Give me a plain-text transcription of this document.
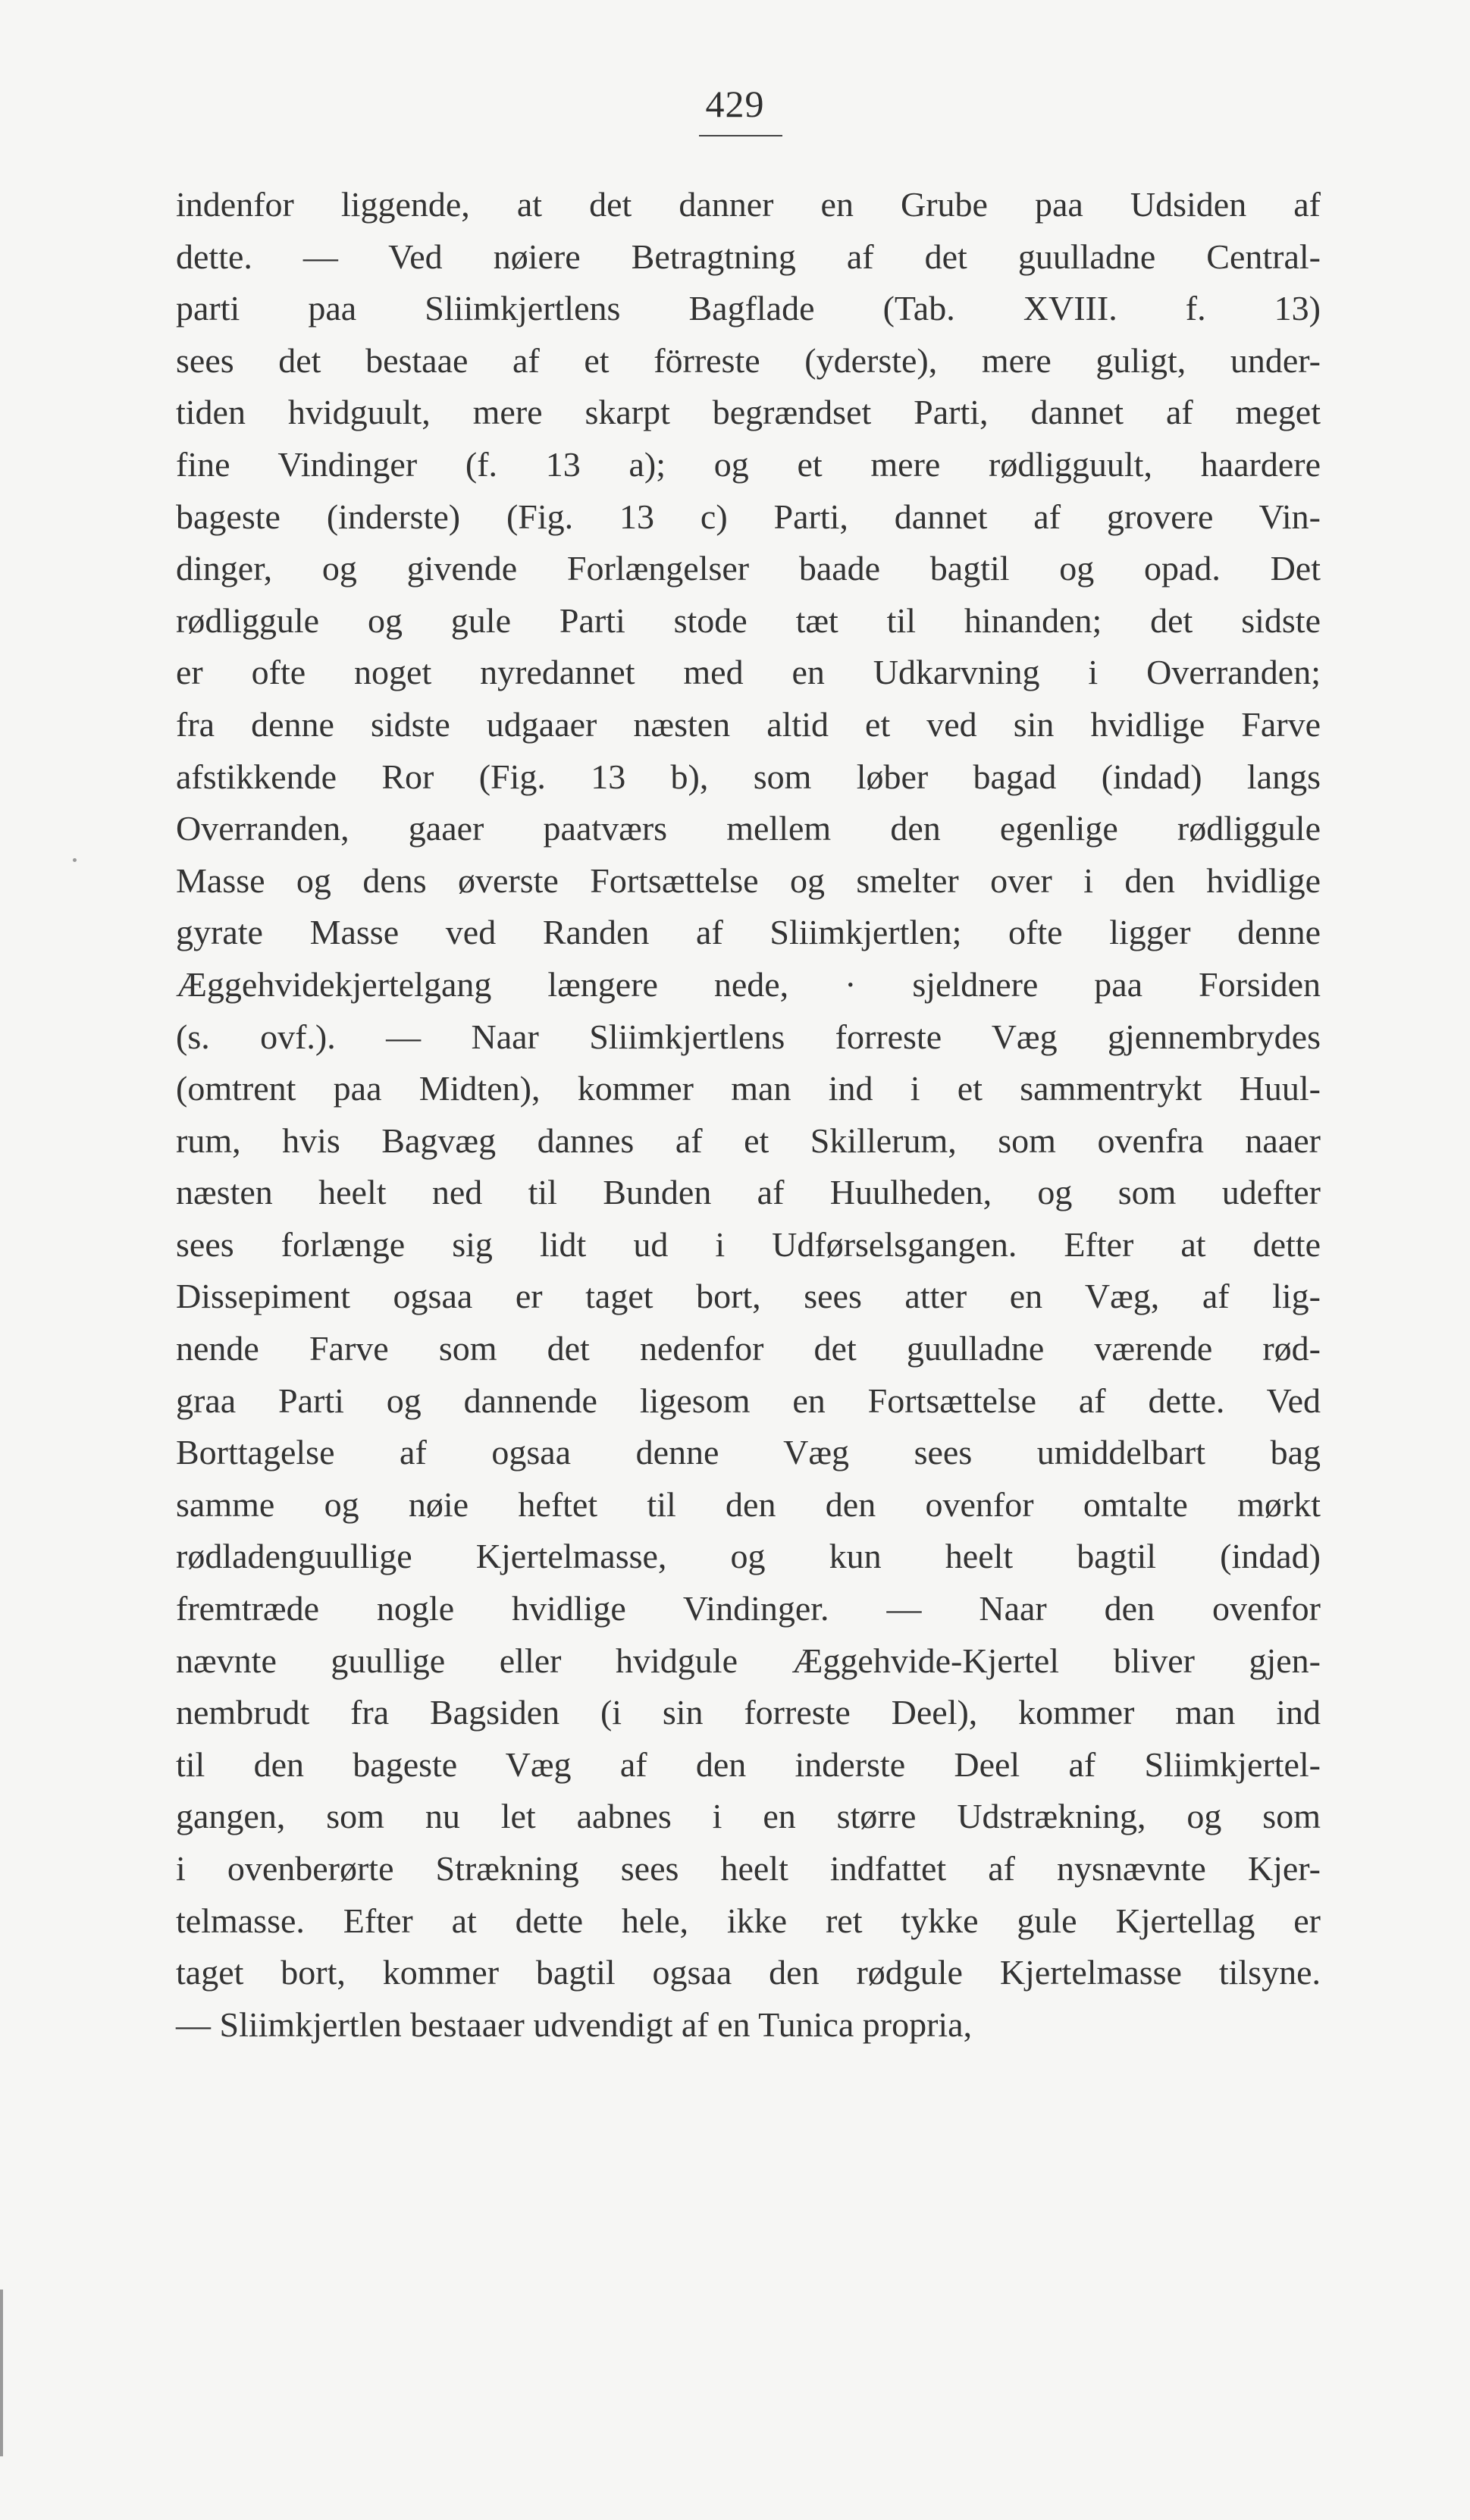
429
indenfor liggende, at det danner en Grube paa Udsiden af
dette. — Ved nøiere Betragtning af det guulladne Central-
parti paa Sliimkjertlens Bagflade (Tab. XVIII. f. 13)
sees det bestaae af et förreste (yderste), mere guligt, under-
tiden hvidguult, mere skarpt begrændset Parti, dannet af meget
fine Vindinger (f. 13 a); og et mere rødligguult, haardere
bageste (inderste) (Fig. 13 c) Parti, dannet af grovere Vin-
dinger, og givende Forlængelser baade bagtil og opad. Det
rødliggule og gule Parti stode tæt til hinanden; det sidste
er ofte noget nyredannet med en Udkarvning i Overranden;
fra denne sidste udgaaer næsten altid et ved sin hvidlige Farve
afstikkende Ror (Fig. 13 b), som løber bagad (indad) langs
Overranden, gaaer paatværs mellem den egenlige rødliggule
Masse og dens øverste Fortsættelse og smelter over i den hvidlige
gyrate Masse ved Randen af Sliimkjertlen; ofte ligger denne
Æggehvidekjertelgang længere nede, · sjeldnere paa Forsiden
(s. ovf.). — Naar Sliimkjertlens forreste Væg gjennembrydes
(omtrent paa Midten), kommer man ind i et sammentrykt Huul-
rum, hvis Bagvæg dannes af et Skillerum, som ovenfra naaer
næsten heelt ned til Bunden af Huulheden, og som udefter
sees forlænge sig lidt ud i Udførselsgangen. Efter at dette
Dissepiment ogsaa er taget bort, sees atter en Væg, af lig-
nende Farve som det nedenfor det guulladne værende rød-
graa Parti og dannende ligesom en Fortsættelse af dette. Ved
Borttagelse af ogsaa denne Væg sees umiddelbart bag
samme og nøie heftet til den den ovenfor omtalte mørkt
rødladenguullige Kjertelmasse, og kun heelt bagtil (indad)
fremtræde nogle hvidlige Vindinger. — Naar den ovenfor
nævnte guullige eller hvidgule Æggehvide-Kjertel bliver gjen-
nembrudt fra Bagsiden (i sin forreste Deel), kommer man ind
til den bageste Væg af den inderste Deel af Sliimkjertel-
gangen, som nu let aabnes i en større Udstrækning, og som
i ovenberørte Strækning sees heelt indfattet af nysnævnte Kjer-
telmasse. Efter at dette hele, ikke ret tykke gule Kjertellag er
taget bort, kommer bagtil ogsaa den rødgule Kjertelmasse tilsyne.
— Sliimkjertlen bestaaer udvendigt af en Tunica propria,
